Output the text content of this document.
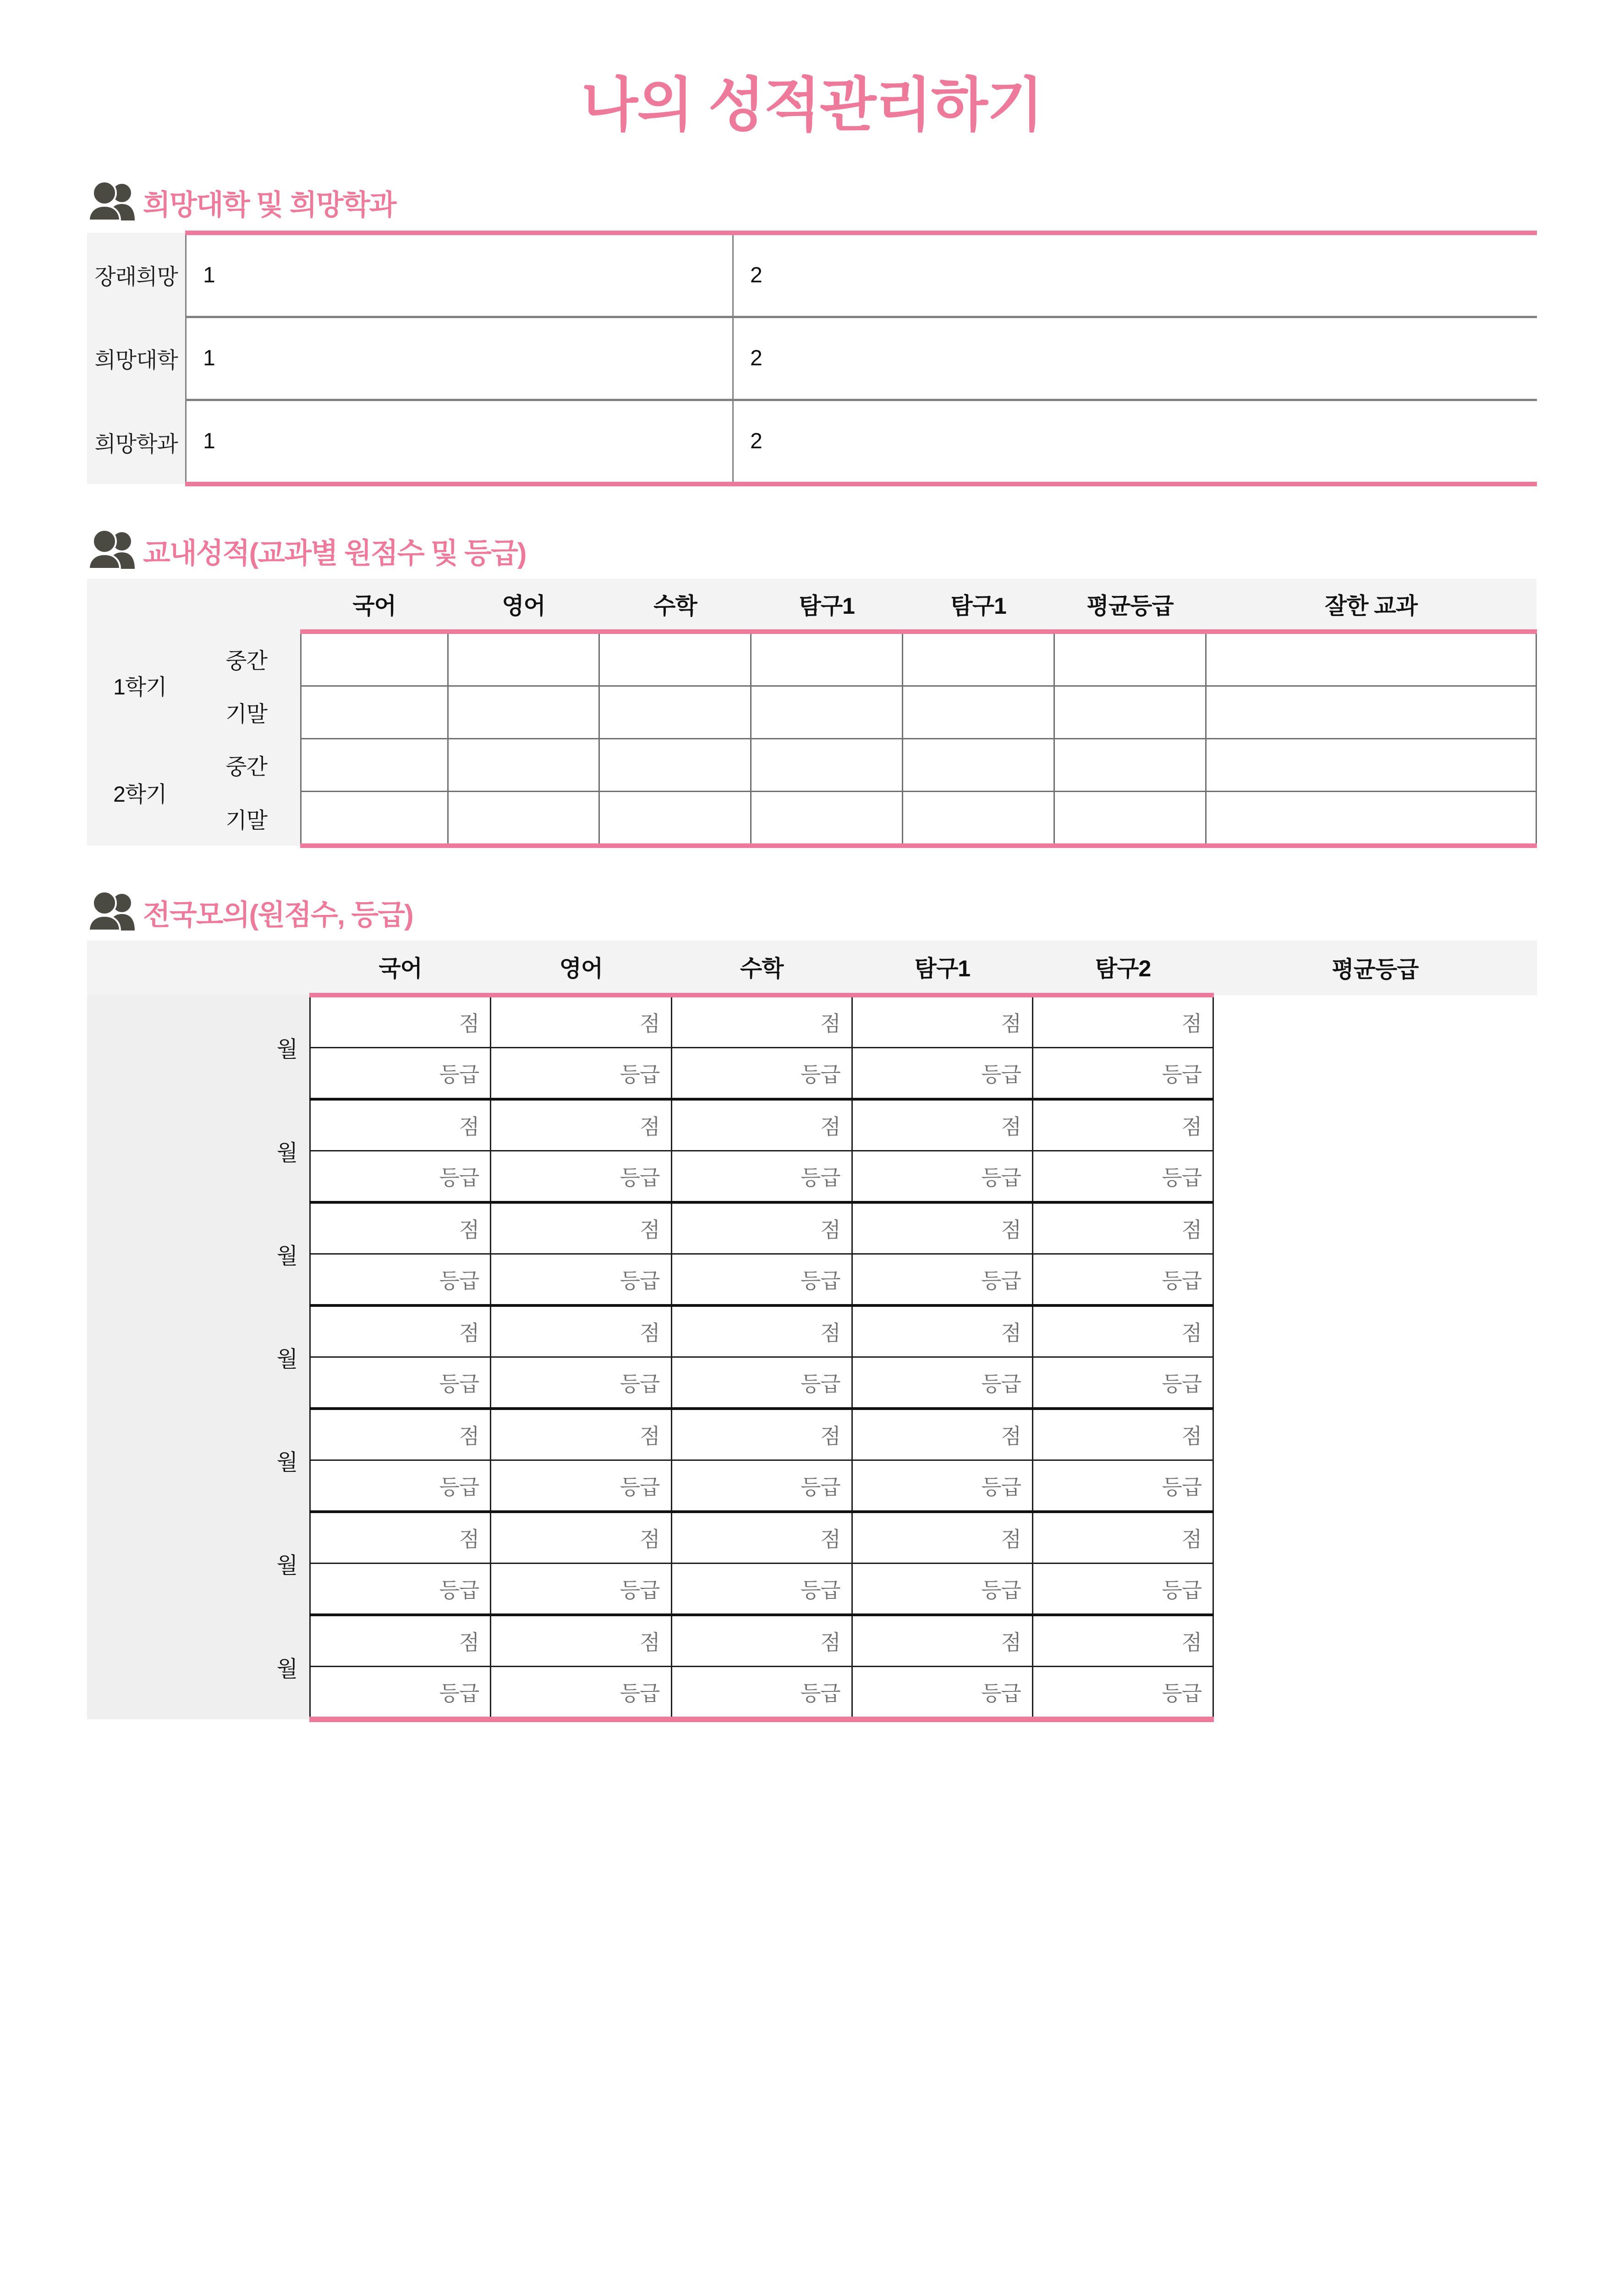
나의 성적관리하기
희망대학 및 희망학과
장래희망	1	2
희망대학	1	2
희망학과	1	2
교내성적(교과별 원점수 및 등급)
		국어	영어	수학	탐구1	탐구1	평균등급	잘한 교과
1학기	중간							
	기말							
2학기	중간							
	기말							
전국모의(원점수, 등급)
	국어	영어	수학	탐구1	탐구2	평균등급
월	점	점	점	점	점	
	등급	등급	등급	등급	등급	
월	점	점	점	점	점	
	등급	등급	등급	등급	등급	
월	점	점	점	점	점	
	등급	등급	등급	등급	등급	
월	점	점	점	점	점	
	등급	등급	등급	등급	등급	
월	점	점	점	점	점	
	등급	등급	등급	등급	등급	
월	점	점	점	점	점	
	등급	등급	등급	등급	등급	
월	점	점	점	점	점	
	등급	등급	등급	등급	등급	
